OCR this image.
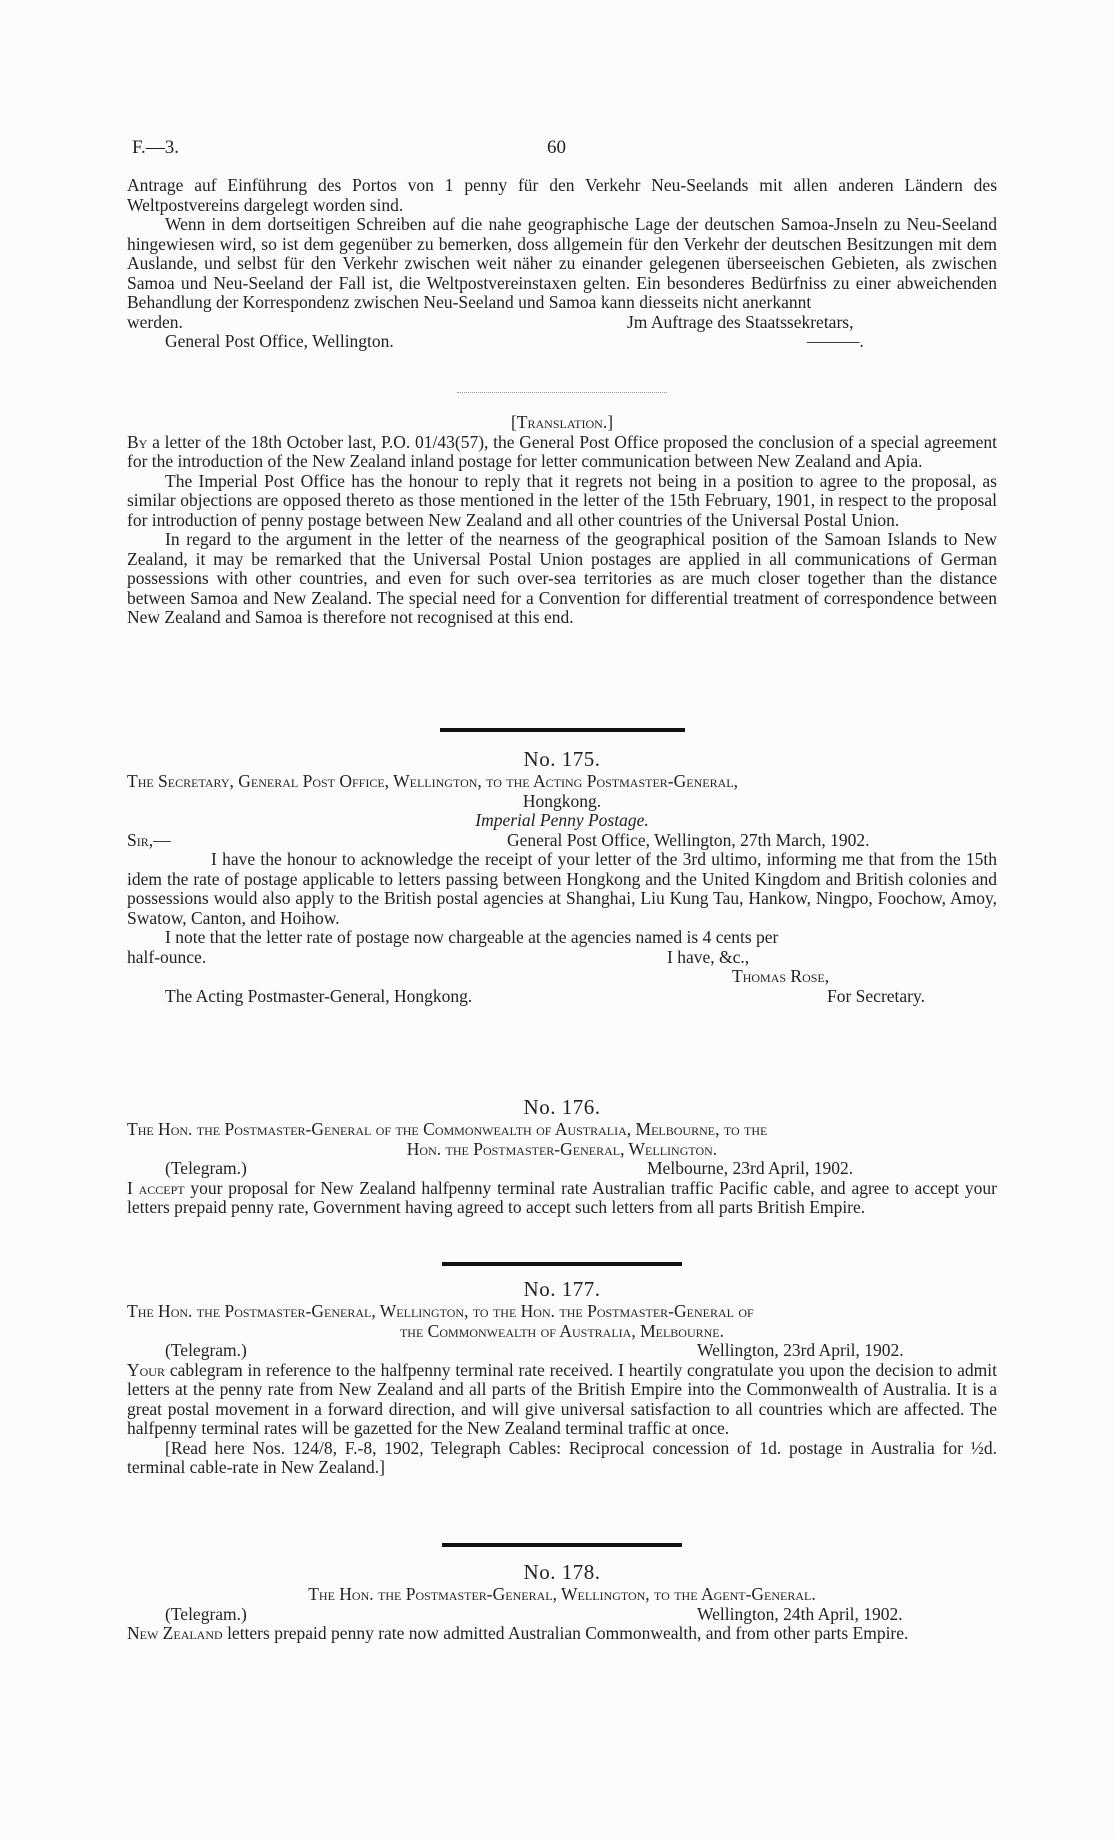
F.—3.	60

Antrage auf Einführung des Portos von 1 penny für den Verkehr Neu-Seelands mit allen anderen Ländern des Weltpostvereins dargelegt worden sind.

Wenn in dem dortseitigen Schreiben auf die nahe geographische Lage der deutschen Samoa-Jnseln zu Neu-Seeland hingewiesen wird, so ist dem gegenüber zu bemerken, doss allgemein für den Verkehr der deutschen Besitzungen mit dem Auslande, und selbst für den Verkehr zwischen weit näher zu einander gelegenen überseeischen Gebieten, als zwischen Samoa und Neu-Seeland der Fall ist, die Weltpostvereinstaxen gelten. Ein besonderes Bedürfniss zu einer abweichenden Behandlung der Korrespondenz zwischen Neu-Seeland und Samoa kann diesseits nicht anerkannt

werden.	Jm Auftrage des Staatssekretars,
General Post Office, Wellington.	———.

[Translation.]

By a letter of the 18th October last, P.O. 01/43(57), the General Post Office proposed the conclusion of a special agreement for the introduction of the New Zealand inland postage for letter communication between New Zealand and Apia.

The Imperial Post Office has the honour to reply that it regrets not being in a position to agree to the proposal, as similar objections are opposed thereto as those mentioned in the letter of the 15th February, 1901, in respect to the proposal for introduction of penny postage between New Zealand and all other countries of the Universal Postal Union.

In regard to the argument in the letter of the nearness of the geographical position of the Samoan Islands to New Zealand, it may be remarked that the Universal Postal Union postages are applied in all communications of German possessions with other countries, and even for such over-sea territories as are much closer together than the distance between Samoa and New Zealand. The special need for a Convention for differential treatment of correspondence between New Zealand and Samoa is therefore not recognised at this end.

No. 175.

The Secretary, General Post Office, Wellington, to the Acting Postmaster-General,

Hongkong.

Imperial Penny Postage.

Sir,—	General Post Office, Wellington, 27th March, 1902.

I have the honour to acknowledge the receipt of your letter of the 3rd ultimo, informing me that from the 15th idem the rate of postage applicable to letters passing between Hongkong and the United Kingdom and British colonies and possessions would also apply to the British postal agencies at Shanghai, Liu Kung Tau, Hankow, Ningpo, Foochow, Amoy, Swatow, Canton, and Hoihow.

I note that the letter rate of postage now chargeable at the agencies named is 4 cents per

half-ounce.	I have, &c.,
Thomas Rose,
The Acting Postmaster-General, Hongkong.	For Secretary.
No. 176.

The Hon. the Postmaster-General of the Commonwealth of Australia, Melbourne, to the

Hon. the Postmaster-General, Wellington.

(Telegram.)	Melbourne, 23rd April, 1902.

I accept your proposal for New Zealand halfpenny terminal rate Australian traffic Pacific cable, and agree to accept your letters prepaid penny rate, Government having agreed to accept such letters from all parts British Empire.

No. 177.

The Hon. the Postmaster-General, Wellington, to the Hon. the Postmaster-General of

the Commonwealth of Australia, Melbourne.

(Telegram.)	Wellington, 23rd April, 1902.

Your cablegram in reference to the halfpenny terminal rate received. I heartily congratulate you upon the decision to admit letters at the penny rate from New Zealand and all parts of the British Empire into the Commonwealth of Australia. It is a great postal movement in a forward direction, and will give universal satisfaction to all countries which are affected. The halfpenny terminal rates will be gazetted for the New Zealand terminal traffic at once.

[Read here Nos. 124/8, F.-8, 1902, Telegraph Cables: Reciprocal concession of 1d. postage in Australia for ½d. terminal cable-rate in New Zealand.]

No. 178.

The Hon. the Postmaster-General, Wellington, to the Agent-General.

(Telegram.)	Wellington, 24th April, 1902.

New Zealand letters prepaid penny rate now admitted Australian Commonwealth, and from other parts Empire.
